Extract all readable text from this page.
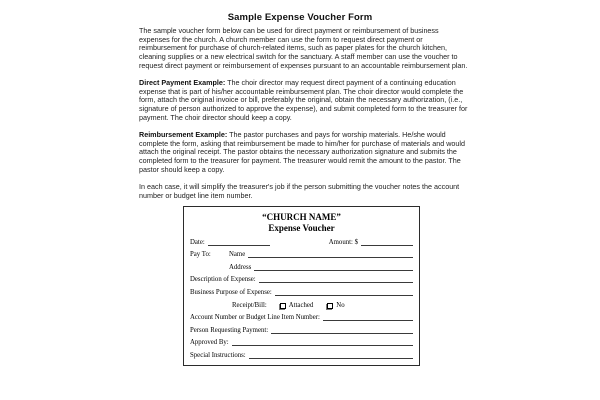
Sample Expense Voucher Form

The sample voucher form below can be used for direct payment or reimbursement of business expenses for the church. A church member can use the form to request direct payment or reimbursement for purchase of church-related items, such as paper plates for the church kitchen, cleaning supplies or a new electrical switch for the sanctuary. A staff member can use the voucher to request direct payment or reimbursement of expenses pursuant to an accountable reimbursement plan.

Direct Payment Example: The choir director may request direct payment of a continuing education expense that is part of his/her accountable reimbursement plan. The choir director would complete the form, attach the original invoice or bill, preferably the original, obtain the necessary authorization, (i.e., signature of person authorized to approve the expense), and submit completed form to the treasurer for payment. The choir director should keep a copy.

Reimbursement Example: The pastor purchases and pays for worship materials. He/she would complete the form, asking that reimbursement be made to him/her for purchase of materials and would attach the original receipt. The pastor obtains the necessary authorization signature and submits the completed form to the treasurer for payment. The treasurer would remit the amount to the pastor. The pastor should keep a copy.

In each case, it will simplify the treasurer's job if the person submitting the voucher notes the account number or budget line item number.

“CHURCH NAME”
Expense Voucher
Date:	Amount: $
Pay To:	Name
Address
Description of Expense:
Business Purpose of Expense:
Receipt/Bill:	Attached	No
Account Number or Budget Line Item Number:
Person Requesting Payment:
Approved By:
Special Instructions:
